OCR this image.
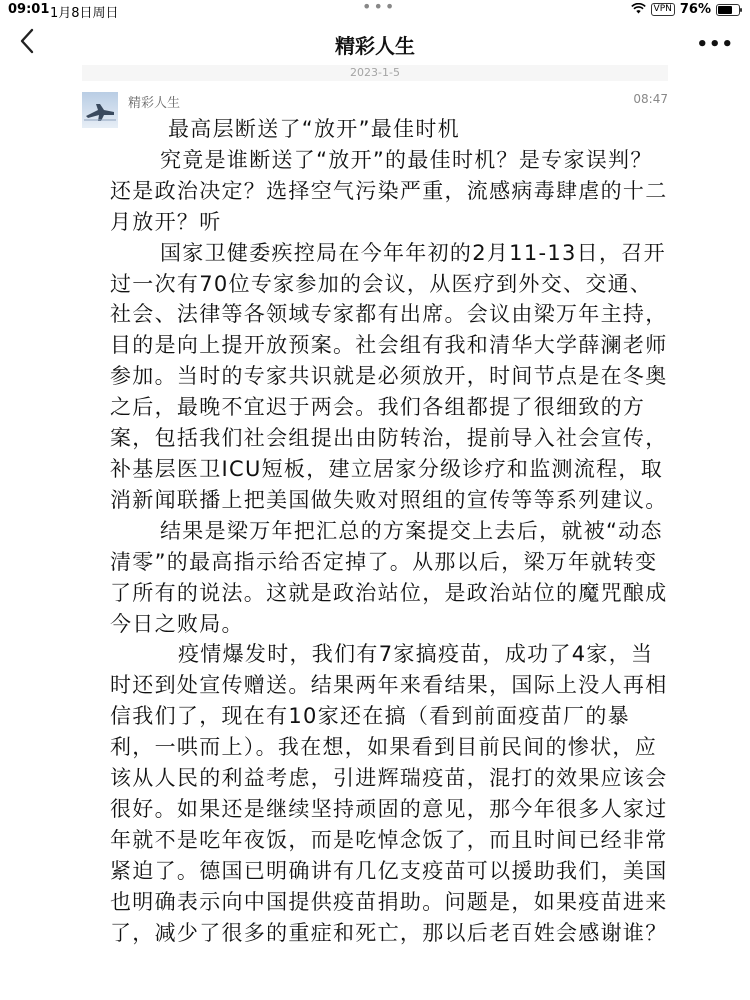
09:01 1月8日周日	•••	VPN 76%
精彩人生	•••
2023-1-5
精彩人生	08:47

最高层断送了“放开”最佳时机

究竟是谁断送了“放开”的最佳时机？是专家误判？还是政治决定？选择空气污染严重，流感病毒肆虐的十二月放开？听

国家卫健委疾控局在今年年初的2月11-13日，召开过一次有70位专家参加的会议，从医疗到外交、交通、社会、法律等各领域专家都有出席。会议由梁万年主持，目的是向上提开放预案。社会组有我和清华大学薛澜老师参加。当时的专家共识就是必须放开，时间节点是在冬奥之后，最晚不宜迟于两会。我们各组都提了很细致的方案，包括我们社会组提出由防转治，提前导入社会宣传，补基层医卫ICU短板，建立居家分级诊疗和监测流程，取消新闻联播上把美国做失败对照组的宣传等等系列建议。

结果是梁万年把汇总的方案提交上去后，就被“动态清零”的最高指示给否定掉了。从那以后，梁万年就转变了所有的说法。这就是政治站位，是政治站位的魔咒酿成今日之败局。

疫情爆发时，我们有7家搞疫苗，成功了4家，当时还到处宣传赠送。结果两年来看结果，国际上没人再相信我们了，现在有10家还在搞（看到前面疫苗厂的暴利，一哄而上）。我在想，如果看到目前民间的惨状，应该从人民的利益考虑，引进辉瑞疫苗，混打的效果应该会很好。如果还是继续坚持顽固的意见，那今年很多人家过年就不是吃年夜饭，而是吃悼念饭了，而且时间已经非常紧迫了。德国已明确讲有几亿支疫苗可以援助我们，美国也明确表示向中国提供疫苗捐助。问题是，如果疫苗进来了，减少了很多的重症和死亡，那以后老百姓会感谢谁？
